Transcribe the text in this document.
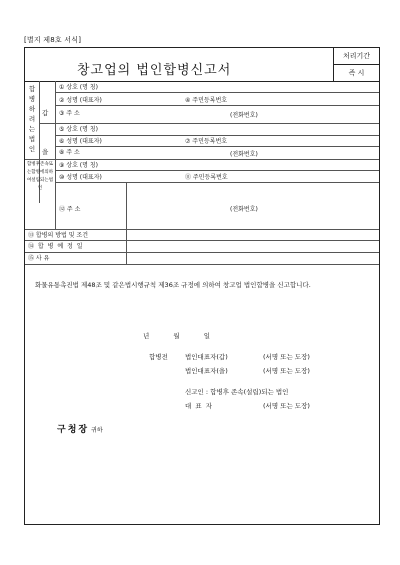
[별지 제8호 서식]
창고업의 법인합병신고서
처리기간
즉 시
합병하려는법인
갑
① 상호 (명 칭)
② 성명 (대표자)	④ 주민등록번호
③ 주 소	(전화번호)
을
⑤ 상호 (명 칭)
⑥ 성명 (대표자)	⑦ 주민등록번호
⑧ 주 소	(전화번호)
합병후존속또는합병에의하여설립되는법인
⑨ 상호 (명 칭)
⑩ 성명 (대표자)	⑪ 주민등록번호
⑫ 주 소	(전화번호)
⑬ 합병의 방법 및 조건
⑭ 합 병 예 정 일
⑮ 사 유
화물유통촉진법 제48조 및 같은법시행규칙 제36조 규정에 의하여 창고업 법인합병을 신고합니다.
년 월 일
합병전	법인대표자(갑)	(서명 또는 도장)
법인대표자(을)	(서명 또는 도장)
신고인 : 합병후 존속(설립)되는 법인
대 표 자	(서명 또는 도장)
구청장 귀하
